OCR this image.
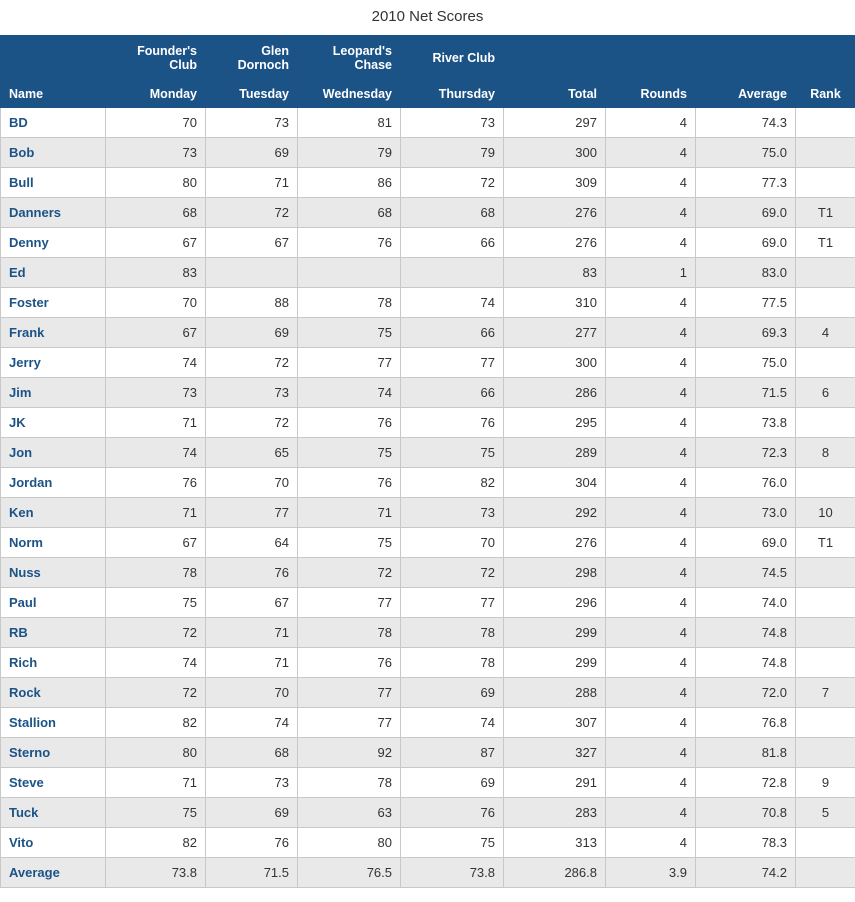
2010 Net Scores
	Founder's Club	Glen Dornoch	Leopard's Chase	River Club				
Name	Monday	Tuesday	Wednesday	Thursday	Total	Rounds	Average	Rank
BD	70	73	81	73	297	4	74.3	
Bob	73	69	79	79	300	4	75.0	
Bull	80	71	86	72	309	4	77.3	
Danners	68	72	68	68	276	4	69.0	T1
Denny	67	67	76	66	276	4	69.0	T1
Ed	83				83	1	83.0	
Foster	70	88	78	74	310	4	77.5	
Frank	67	69	75	66	277	4	69.3	4
Jerry	74	72	77	77	300	4	75.0	
Jim	73	73	74	66	286	4	71.5	6
JK	71	72	76	76	295	4	73.8	
Jon	74	65	75	75	289	4	72.3	8
Jordan	76	70	76	82	304	4	76.0	
Ken	71	77	71	73	292	4	73.0	10
Norm	67	64	75	70	276	4	69.0	T1
Nuss	78	76	72	72	298	4	74.5	
Paul	75	67	77	77	296	4	74.0	
RB	72	71	78	78	299	4	74.8	
Rich	74	71	76	78	299	4	74.8	
Rock	72	70	77	69	288	4	72.0	7
Stallion	82	74	77	74	307	4	76.8	
Sterno	80	68	92	87	327	4	81.8	
Steve	71	73	78	69	291	4	72.8	9
Tuck	75	69	63	76	283	4	70.8	5
Vito	82	76	80	75	313	4	78.3	
Average	73.8	71.5	76.5	73.8	286.8	3.9	74.2	
